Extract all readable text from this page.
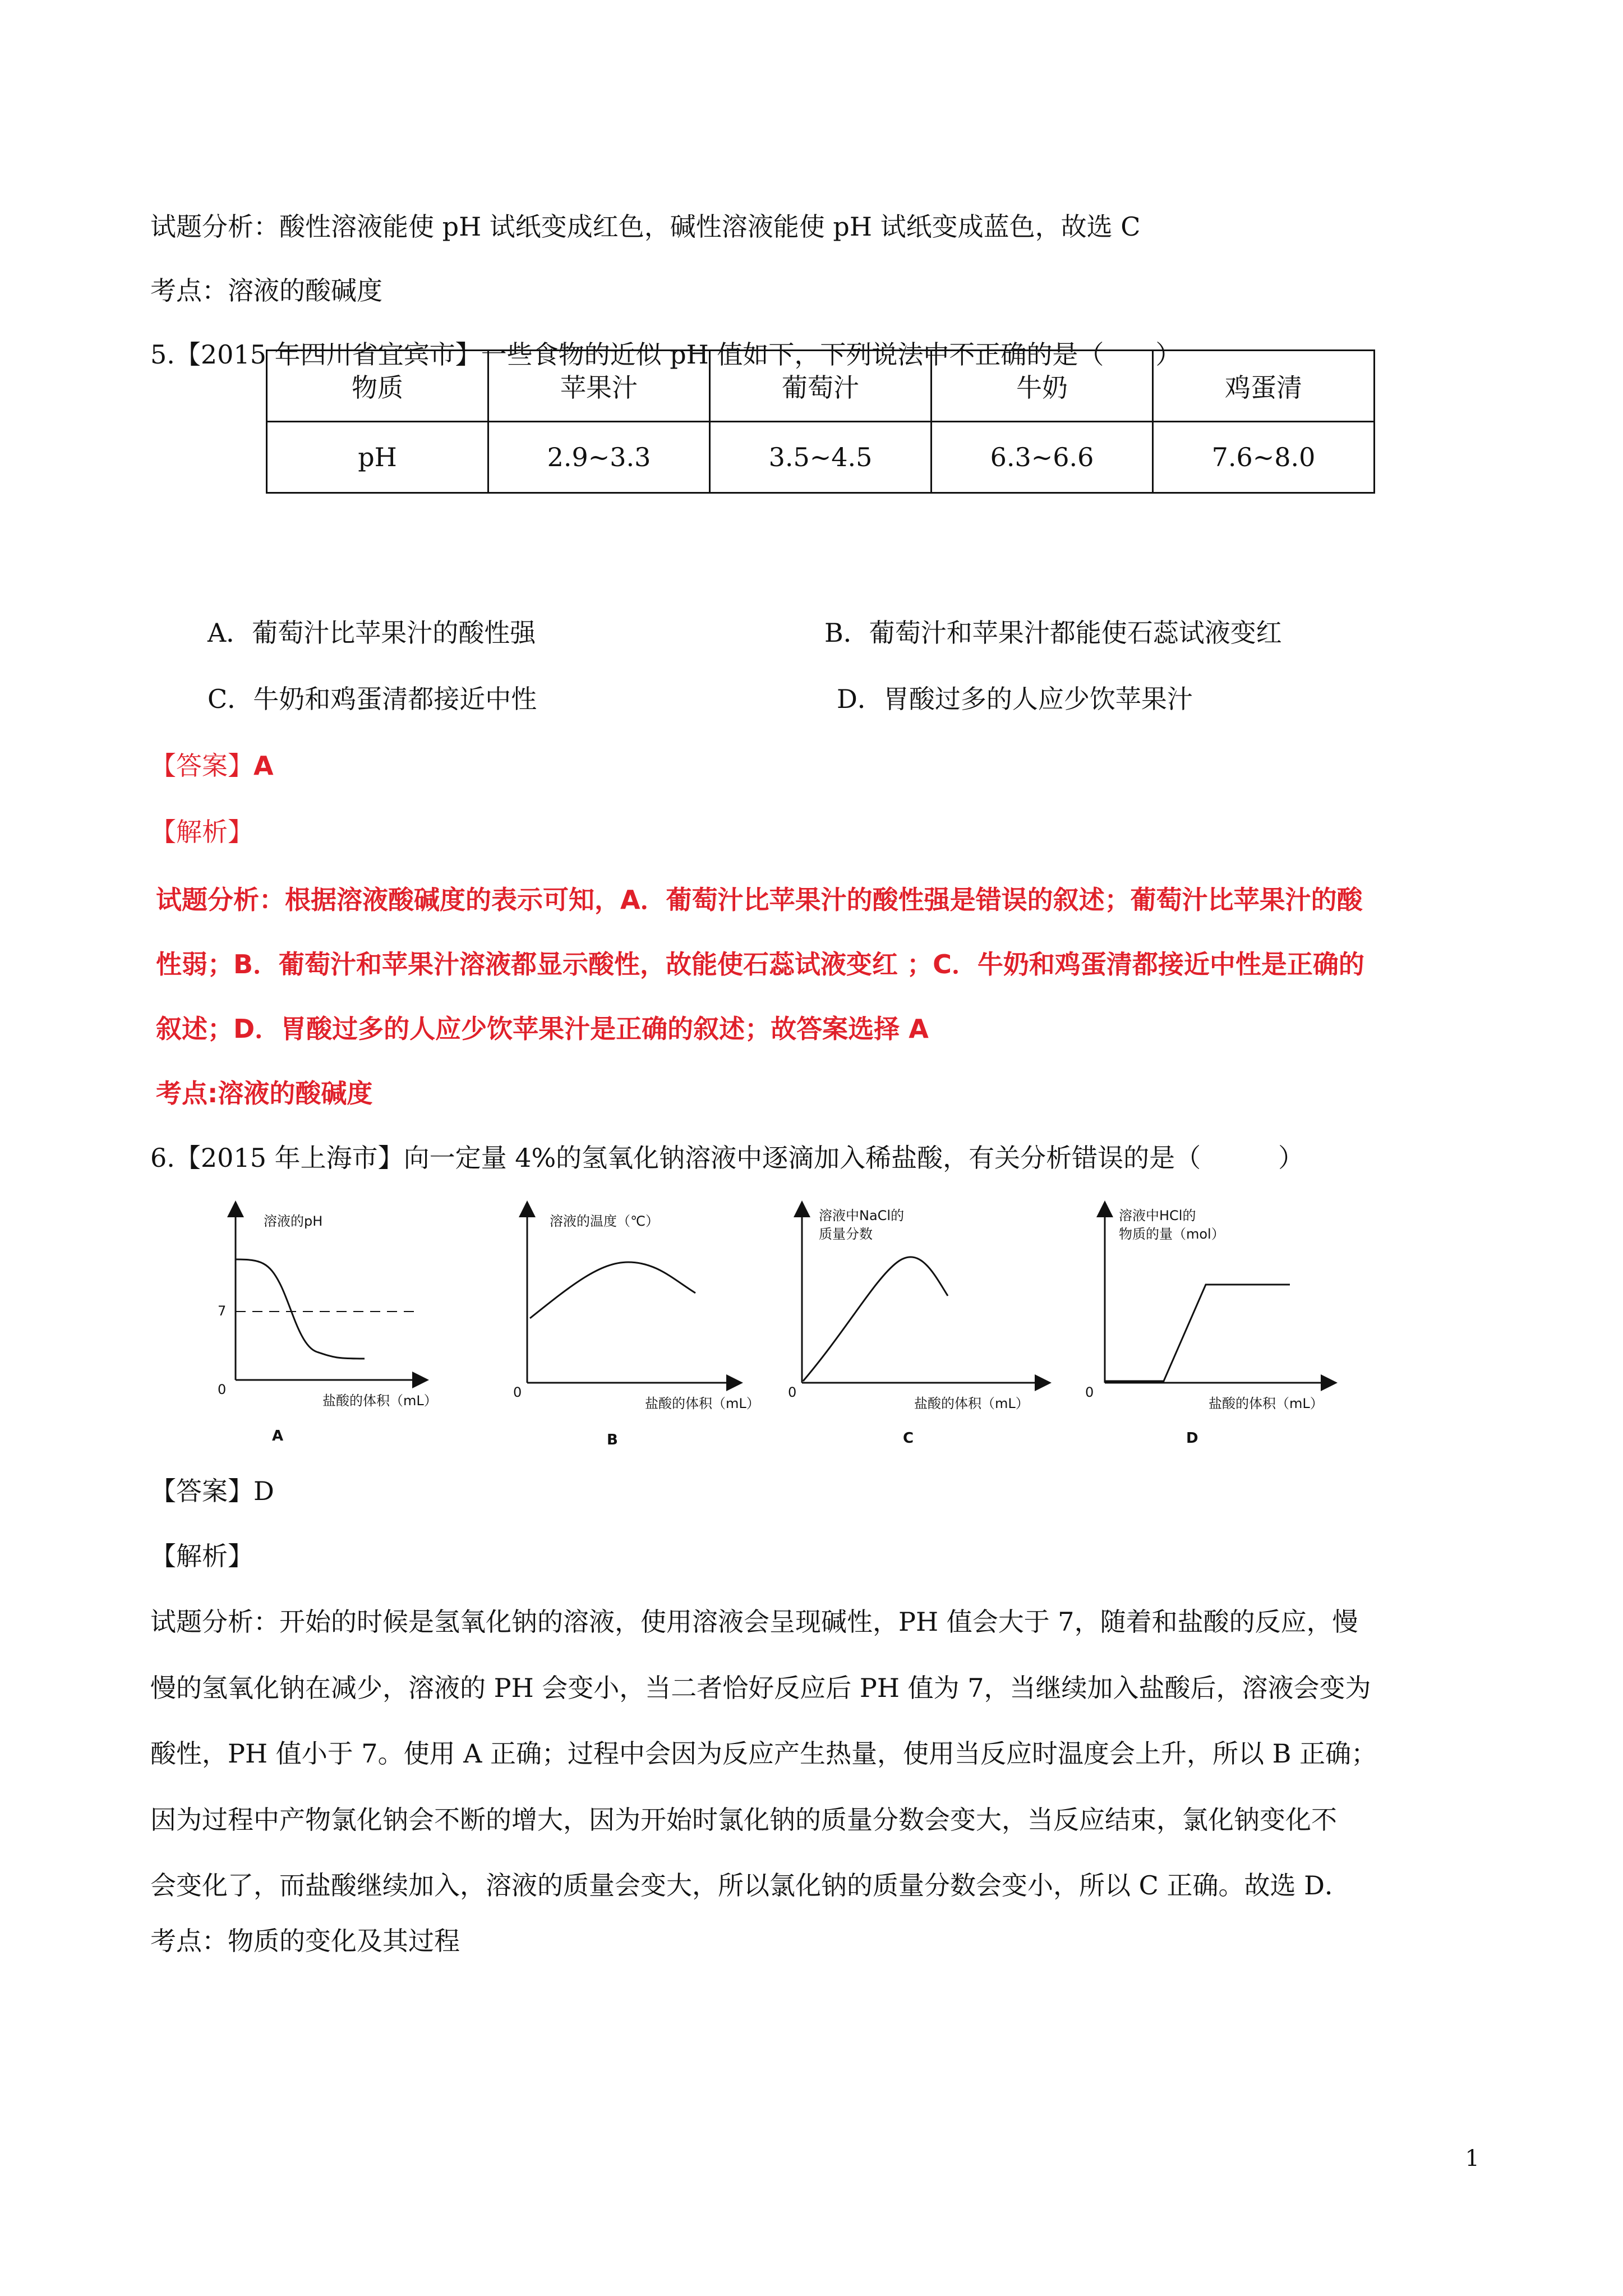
试题分析：酸性溶液能使 pH 试纸变成红色，碱性溶液能使 pH 试纸变成蓝色，故选 C
考点：溶液的酸碱度
5.【2015 年四川省宜宾市】一些食物的近似 pH 值如下，下列说法中不正确的是（　　）
物质	苹果汁	葡萄汁	牛奶	鸡蛋清
pH	2.9~3.3	3.5~4.5	6.3~6.6	7.6~8.0
A．葡萄汁比苹果汁的酸性强	B．葡萄汁和苹果汁都能使石蕊试液变红
C．牛奶和鸡蛋清都接近中性	D．胃酸过多的人应少饮苹果汁
【答案】A
【解析】
试题分析：根据溶液酸碱度的表示可知，A．葡萄汁比苹果汁的酸性强是错误的叙述；葡萄汁比苹果汁的酸
性弱；B．葡萄汁和苹果汁溶液都显示酸性，故能使石蕊试液变红 ；C．牛奶和鸡蛋清都接近中性是正确的
叙述；D．胃酸过多的人应少饮苹果汁是正确的叙述；故答案选择 A
考点:溶液的酸碱度
6.【2015 年上海市】向一定量 4%的氢氧化钠溶液中逐滴加入稀盐酸，有关分析错误的是（　　　）
溶液的pH
0
7
盐酸的体积（mL）
A
溶液的温度（℃）
0
盐酸的体积（mL）
B
溶液中NaCl的
质量分数
0
盐酸的体积（mL）
C
溶液中HCl的
物质的量（mol）
0
盐酸的体积（mL）
D
【答案】D
【解析】
试题分析：开始的时候是氢氧化钠的溶液，使用溶液会呈现碱性，PH 值会大于 7，随着和盐酸的反应，慢
慢的氢氧化钠在减少，溶液的 PH 会变小，当二者恰好反应后 PH 值为 7，当继续加入盐酸后，溶液会变为
酸性，PH 值小于 7。使用 A 正确；过程中会因为反应产生热量，使用当反应时温度会上升，所以 B 正确；
因为过程中产物氯化钠会不断的增大，因为开始时氯化钠的质量分数会变大，当反应结束，氯化钠变化不
会变化了，而盐酸继续加入，溶液的质量会变大，所以氯化钠的质量分数会变小，所以 C 正确。故选 D．
考点：物质的变化及其过程
1
